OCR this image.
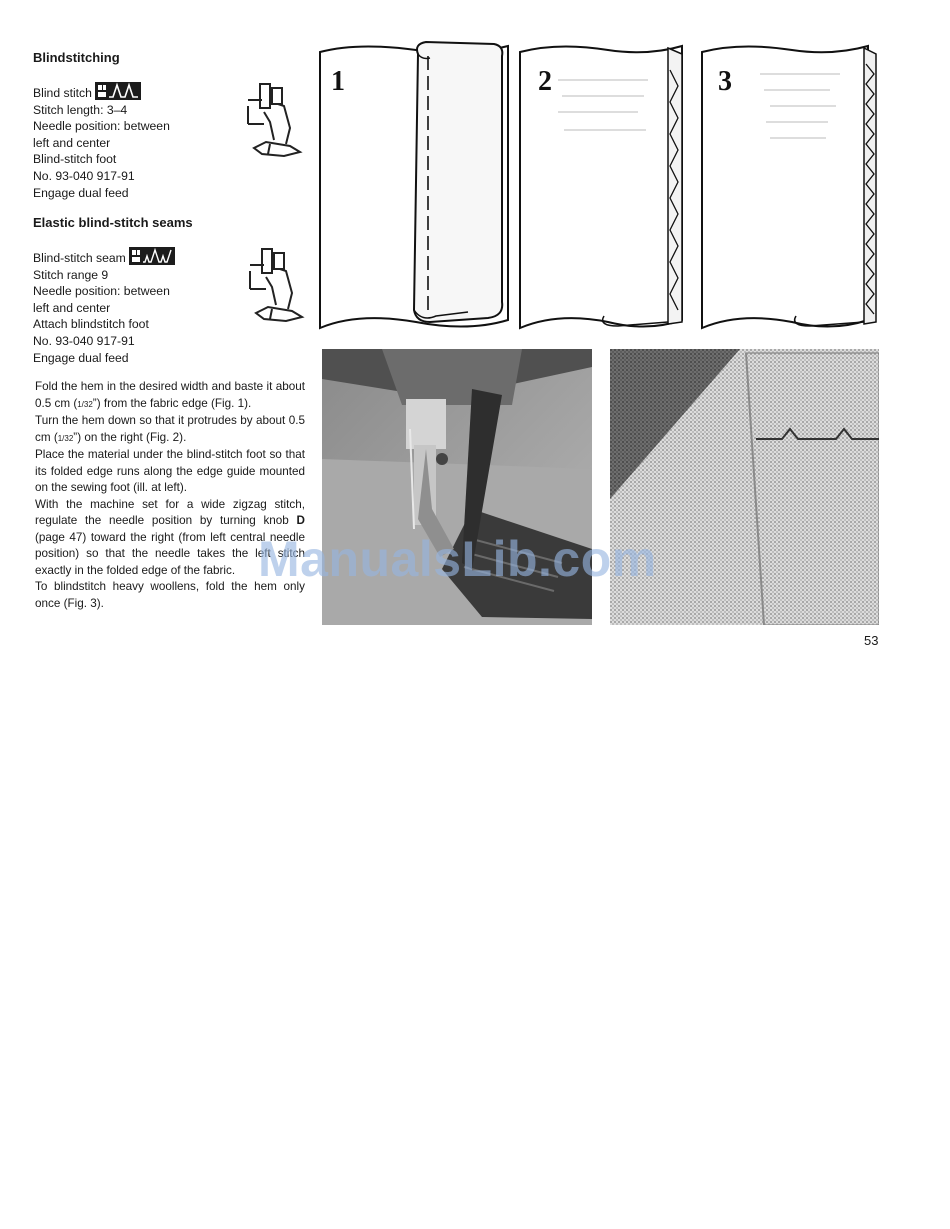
Blindstitching
Blind stitch
Stitch length: 3–4
Needle position: between
left and center
Blind-stitch foot
No. 93-040 917-91
Engage dual feed
Elastic blind-stitch seams
Blind-stitch seam
Stitch range 9
Needle position: between
left and center
Attach blindstitch foot
No. 93-040 917-91
Engage dual feed

Fold the hem in the desired width and baste it about 0.5 cm (1/32”) from the fabric edge (Fig. 1).

Turn the hem down so that it protrudes by about 0.5 cm (1/32”) on the right (Fig. 2).

Place the material under the blind-stitch foot so that its folded edge runs along the edge guide mounted on the sewing foot (ill. at left).

With the machine set for a wide zigzag stitch, regulate the needle position by turning knob D (page 47) toward the right (from left central needle position) so that the needle takes the left stitch exactly in the folded edge of the fabric.

To blindstitch heavy woollens, fold the hem only once (Fig. 3).

1	2	3
ManualsLib.com
53
